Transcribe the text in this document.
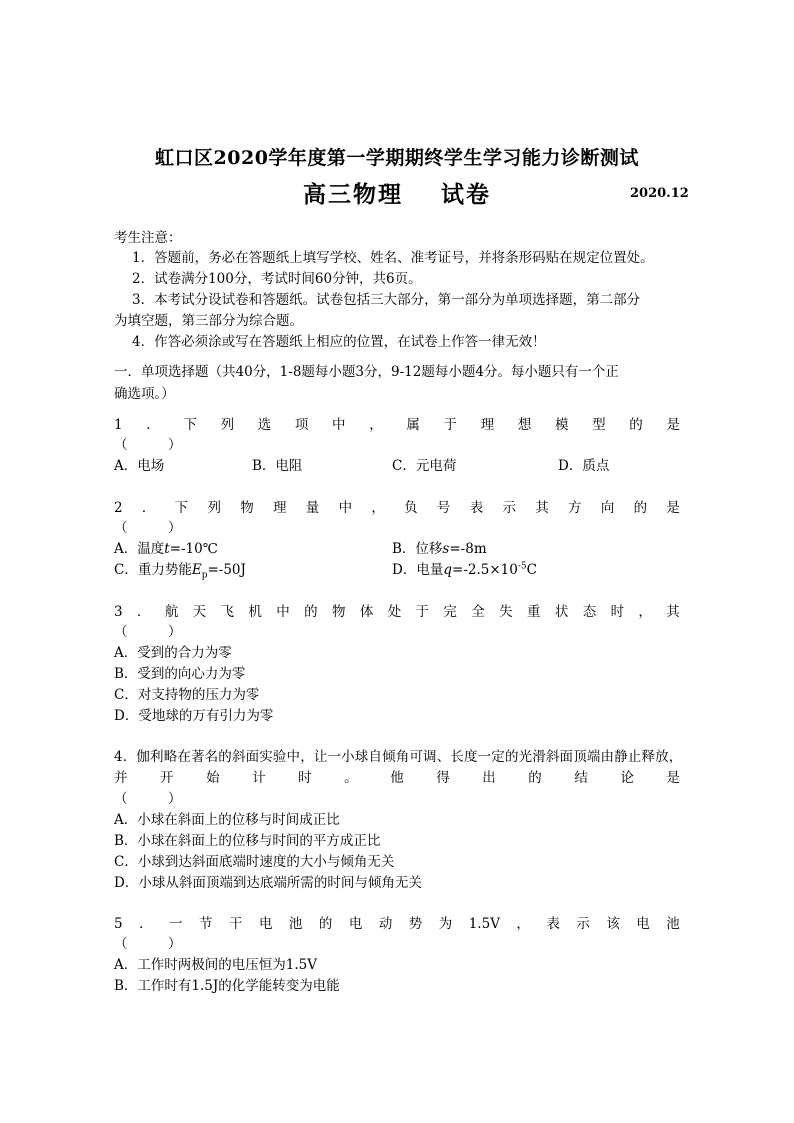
虹口区2020学年度第一学期期终学生学习能力诊断测试
高三物理 试卷	2020.12
考生注意：
1．答题前，务必在答题纸上填写学校、姓名、准考证号，并将条形码贴在规定位置处。
2．试卷满分100分，考试时间60分钟，共6页。
3．本考试分设试卷和答题纸。试卷包括三大部分，第一部分为单项选择题，第二部分
为填空题，第三部分为综合题。
4．作答必须涂或写在答题纸上相应的位置，在试卷上作答一律无效！
一．单项选择题（共40分，1-8题每小题3分，9-12题每小题4分。每小题只有一个正
确选项。）
1 ． 下 列 选 项 中 ， 属 于 理 想 模 型 的 是
（　　　）
A．电场	B．电阻	C．元电荷	D．质点
2 ． 下 列 物 理 量 中 ， 负 号 表 示 其 方 向 的 是
（　　　）
A．温度t=-10℃	B．位移s=-8m
C．重力势能$E_p=-50J$	D．电量$q=-2.5\times 10^{-5}C$
3 ． 航 天 飞 机 中 的 物 体 处 于 完 全 失 重 状 态 时 ， 其
（　　　）
A．受到的合力为零
B．受到的向心力为零
C．对支持物的压力为零
D．受地球的万有引力为零
4．伽利略在著名的斜面实验中，让一小球自倾角可调、长度一定的光滑斜面顶端由静止释放，
并 开 始 计 时 。 他 得 出 的 结 论 是
（　　　）
A．小球在斜面上的位移与时间成正比
B．小球在斜面上的位移与时间的平方成正比
C．小球到达斜面底端时速度的大小与倾角无关
D．小球从斜面顶端到达底端所需的时间与倾角无关
5 ． 一 节 干 电 池 的 电 动 势 为 1.5V ， 表 示 该 电 池
（　　　）
A．工作时两极间的电压恒为1.5V
B．工作时有1.5J的化学能转变为电能
